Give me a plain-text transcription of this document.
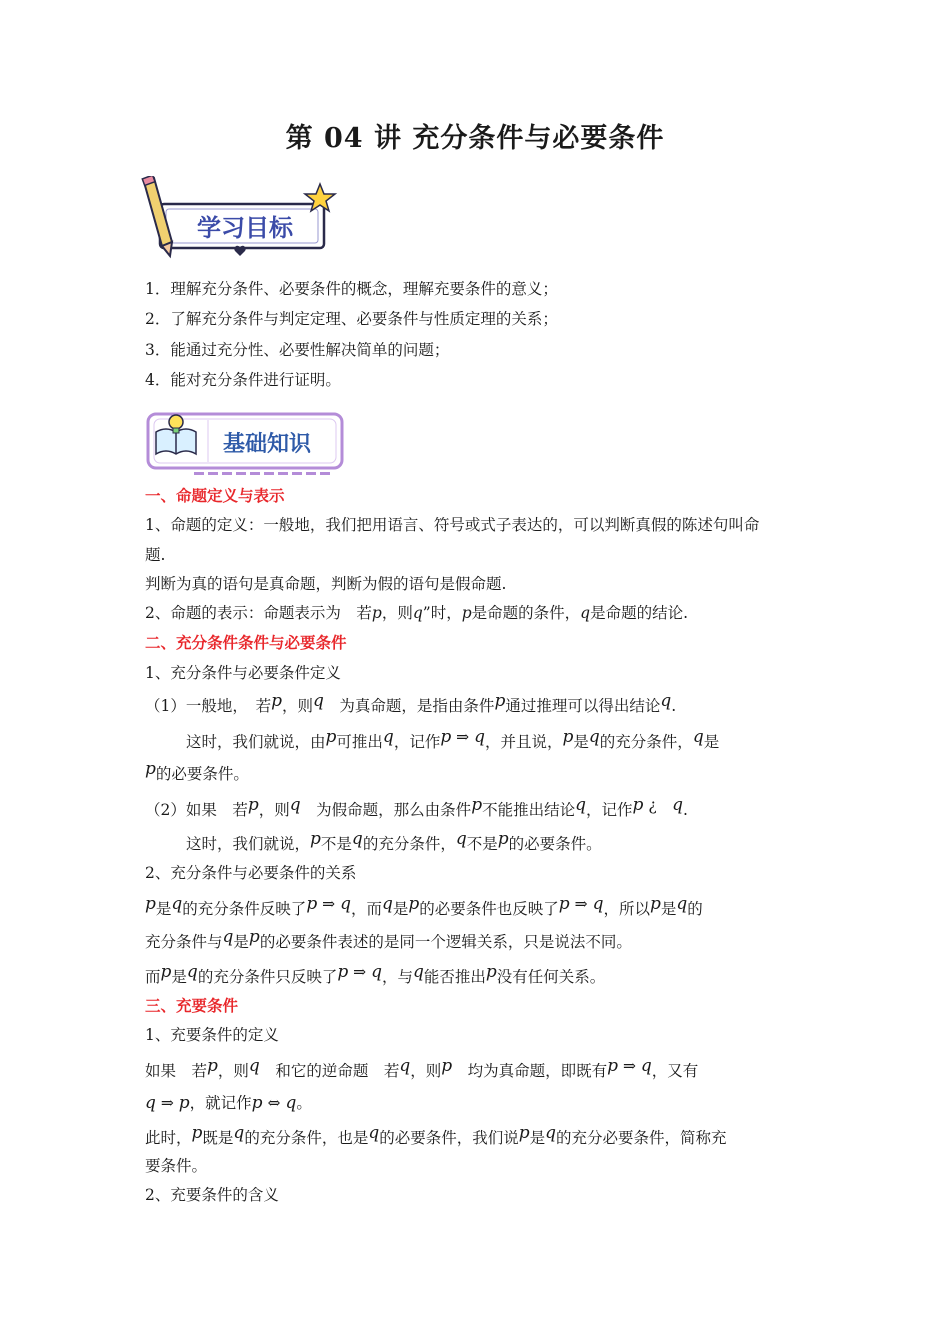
第 04 讲 充分条件与必要条件
学习目标
1．理解充分条件、必要条件的概念，理解充要条件的意义；
2．了解充分条件与判定定理、必要条件与性质定理的关系；
3．能通过充分性、必要性解决简单的问题；
4．能对充分条件进行证明。
基础知识
一、命题定义与表示
1、命题的定义：一般地，我们把用语言、符号或式子表达的，可以判断真假的陈述句叫命
题.
判断为真的语句是真命题，判断为假的语句是假命题.
2、命题的表示：命题表示为　若p，则q”时，p是命题的条件，q是命题的结论.
二、充分条件条件与必要条件
1、充分条件与必要条件定义
（1）一般地，　若p，则q　为真命题，是指由条件p通过推理可以得出结论q.
这时，我们就说，由p可推出q，记作p ⇒ q，并且说，p是q的充分条件，q是
p的必要条件。
（2）如果　若p，则q　为假命题，那么由条件p不能推出结论q，记作p ¿　 q.
这时，我们就说，p不是q的充分条件，q不是p的必要条件。
2、充分条件与必要条件的关系
p是q的充分条件反映了p ⇒ q，而q是p的必要条件也反映了p ⇒ q，所以p是q的
充分条件与q是p的必要条件表述的是同一个逻辑关系，只是说法不同。
而p是q的充分条件只反映了p ⇒ q，与q能否推出p没有任何关系。
三、充要条件
1、充要条件的定义
如果　若p，则q　和它的逆命题　若q，则p　均为真命题，即既有p ⇒ q，又有
q ⇒ p，就记作p ⇔ q。
此时，p既是q的充分条件，也是q的必要条件，我们说p是q的充分必要条件，简称充
要条件。
2、充要条件的含义
